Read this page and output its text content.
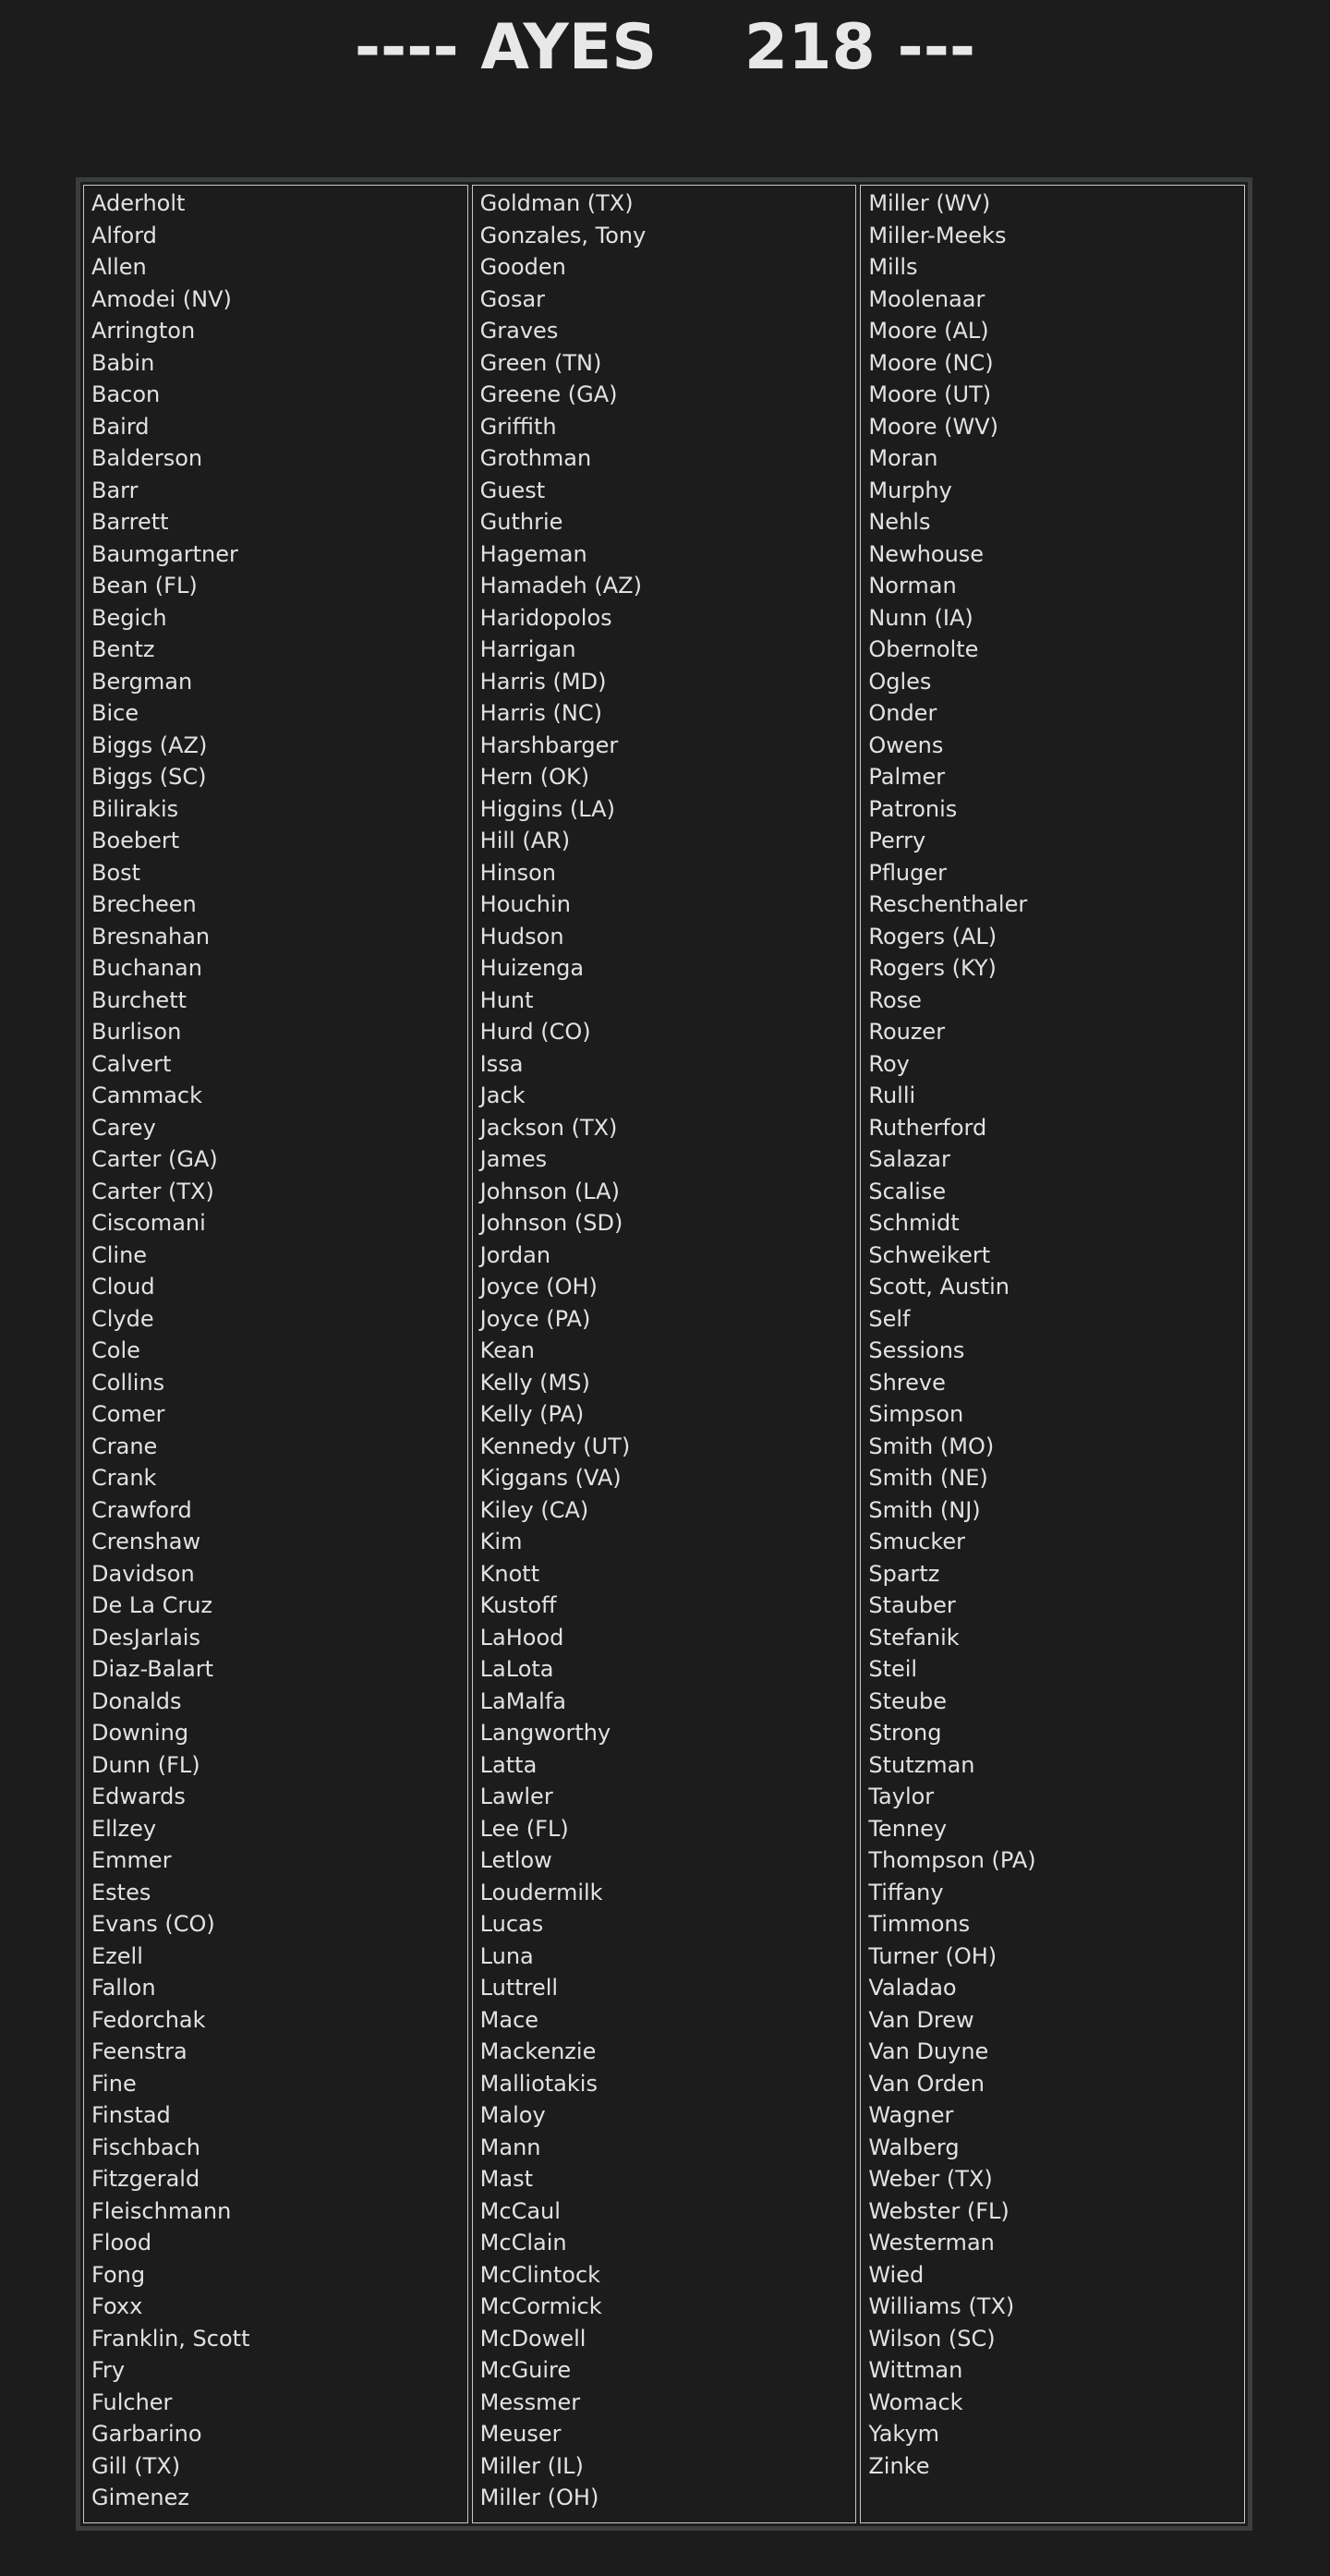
---- AYES    218 ---
Aderholt
Alford
Allen
Amodei (NV)
Arrington
Babin
Bacon
Baird
Balderson
Barr
Barrett
Baumgartner
Bean (FL)
Begich
Bentz
Bergman
Bice
Biggs (AZ)
Biggs (SC)
Bilirakis
Boebert
Bost
Brecheen
Bresnahan
Buchanan
Burchett
Burlison
Calvert
Cammack
Carey
Carter (GA)
Carter (TX)
Ciscomani
Cline
Cloud
Clyde
Cole
Collins
Comer
Crane
Crank
Crawford
Crenshaw
Davidson
De La Cruz
DesJarlais
Diaz-Balart
Donalds
Downing
Dunn (FL)
Edwards
Ellzey
Emmer
Estes
Evans (CO)
Ezell
Fallon
Fedorchak
Feenstra
Fine
Finstad
Fischbach
Fitzgerald
Fleischmann
Flood
Fong
Foxx
Franklin, Scott
Fry
Fulcher
Garbarino
Gill (TX)
Gimenez
Goldman (TX)
Gonzales, Tony
Gooden
Gosar
Graves
Green (TN)
Greene (GA)
Griffith
Grothman
Guest
Guthrie
Hageman
Hamadeh (AZ)
Haridopolos
Harrigan
Harris (MD)
Harris (NC)
Harshbarger
Hern (OK)
Higgins (LA)
Hill (AR)
Hinson
Houchin
Hudson
Huizenga
Hunt
Hurd (CO)
Issa
Jack
Jackson (TX)
James
Johnson (LA)
Johnson (SD)
Jordan
Joyce (OH)
Joyce (PA)
Kean
Kelly (MS)
Kelly (PA)
Kennedy (UT)
Kiggans (VA)
Kiley (CA)
Kim
Knott
Kustoff
LaHood
LaLota
LaMalfa
Langworthy
Latta
Lawler
Lee (FL)
Letlow
Loudermilk
Lucas
Luna
Luttrell
Mace
Mackenzie
Malliotakis
Maloy
Mann
Mast
McCaul
McClain
McClintock
McCormick
McDowell
McGuire
Messmer
Meuser
Miller (IL)
Miller (OH)
Miller (WV)
Miller-Meeks
Mills
Moolenaar
Moore (AL)
Moore (NC)
Moore (UT)
Moore (WV)
Moran
Murphy
Nehls
Newhouse
Norman
Nunn (IA)
Obernolte
Ogles
Onder
Owens
Palmer
Patronis
Perry
Pfluger
Reschenthaler
Rogers (AL)
Rogers (KY)
Rose
Rouzer
Roy
Rulli
Rutherford
Salazar
Scalise
Schmidt
Schweikert
Scott, Austin
Self
Sessions
Shreve
Simpson
Smith (MO)
Smith (NE)
Smith (NJ)
Smucker
Spartz
Stauber
Stefanik
Steil
Steube
Strong
Stutzman
Taylor
Tenney
Thompson (PA)
Tiffany
Timmons
Turner (OH)
Valadao
Van Drew
Van Duyne
Van Orden
Wagner
Walberg
Weber (TX)
Webster (FL)
Westerman
Wied
Williams (TX)
Wilson (SC)
Wittman
Womack
Yakym
Zinke
